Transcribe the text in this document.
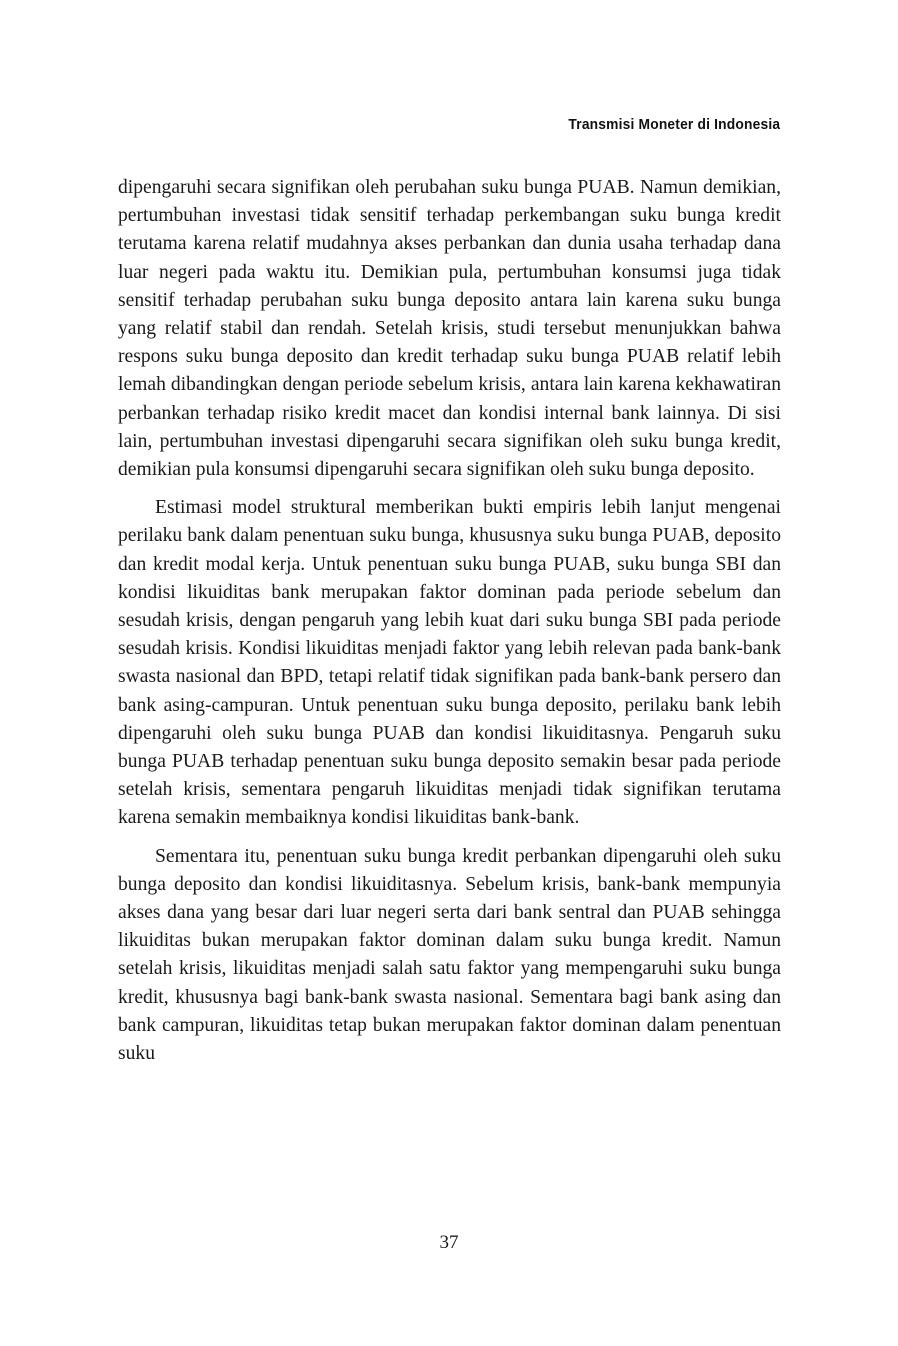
Transmisi Moneter di Indonesia

dipengaruhi secara signifikan oleh perubahan suku bunga PUAB. Namun demikian, pertumbuhan investasi tidak sensitif terhadap perkembangan suku bunga kredit terutama karena relatif mudahnya akses perbankan dan dunia usaha terhadap dana luar negeri pada waktu itu. Demikian pula, pertumbuhan konsumsi juga tidak sensitif terhadap perubahan suku bunga deposito antara lain karena suku bunga yang relatif stabil dan rendah. Setelah krisis, studi tersebut menunjukkan bahwa respons suku bunga deposito dan kredit terhadap suku bunga PUAB relatif lebih lemah dibandingkan dengan periode sebelum krisis, antara lain karena kekhawatiran perbankan terhadap risiko kredit macet dan kondisi internal bank lainnya. Di sisi lain, pertumbuhan investasi dipengaruhi secara signifikan oleh suku bunga kredit, demikian pula konsumsi dipengaruhi secara signifikan oleh suku bunga deposito.

Estimasi model struktural memberikan bukti empiris lebih lanjut mengenai perilaku bank dalam penentuan suku bunga, khususnya suku bunga PUAB, deposito dan kredit modal kerja. Untuk penentuan suku bunga PUAB, suku bunga SBI dan kondisi likuiditas bank merupakan faktor dominan pada periode sebelum dan sesudah krisis, dengan pengaruh yang lebih kuat dari suku bunga SBI pada periode sesudah krisis. Kondisi likuiditas menjadi faktor yang lebih relevan pada bank-bank swasta nasional dan BPD, tetapi relatif tidak signifikan pada bank-bank persero dan bank asing-campuran. Untuk penentuan suku bunga deposito, perilaku bank lebih dipengaruhi oleh suku bunga PUAB dan kondisi likuiditasnya. Pengaruh suku bunga PUAB terhadap penentuan suku bunga deposito semakin besar pada periode setelah krisis, sementara pengaruh likuiditas menjadi tidak signifikan terutama karena semakin membaiknya kondisi likuiditas bank-bank.

Sementara itu, penentuan suku bunga kredit perbankan dipengaruhi oleh suku bunga deposito dan kondisi likuiditasnya. Sebelum krisis, bank-bank mempunyia akses dana yang besar dari luar negeri serta dari bank sentral dan PUAB sehingga likuiditas bukan merupakan faktor dominan dalam suku bunga kredit. Namun setelah krisis, likuiditas menjadi salah satu faktor yang mempengaruhi suku bunga kredit, khususnya bagi bank-bank swasta nasional. Sementara bagi bank asing dan bank campuran, likuiditas tetap bukan merupakan faktor dominan dalam penentuan suku

37
